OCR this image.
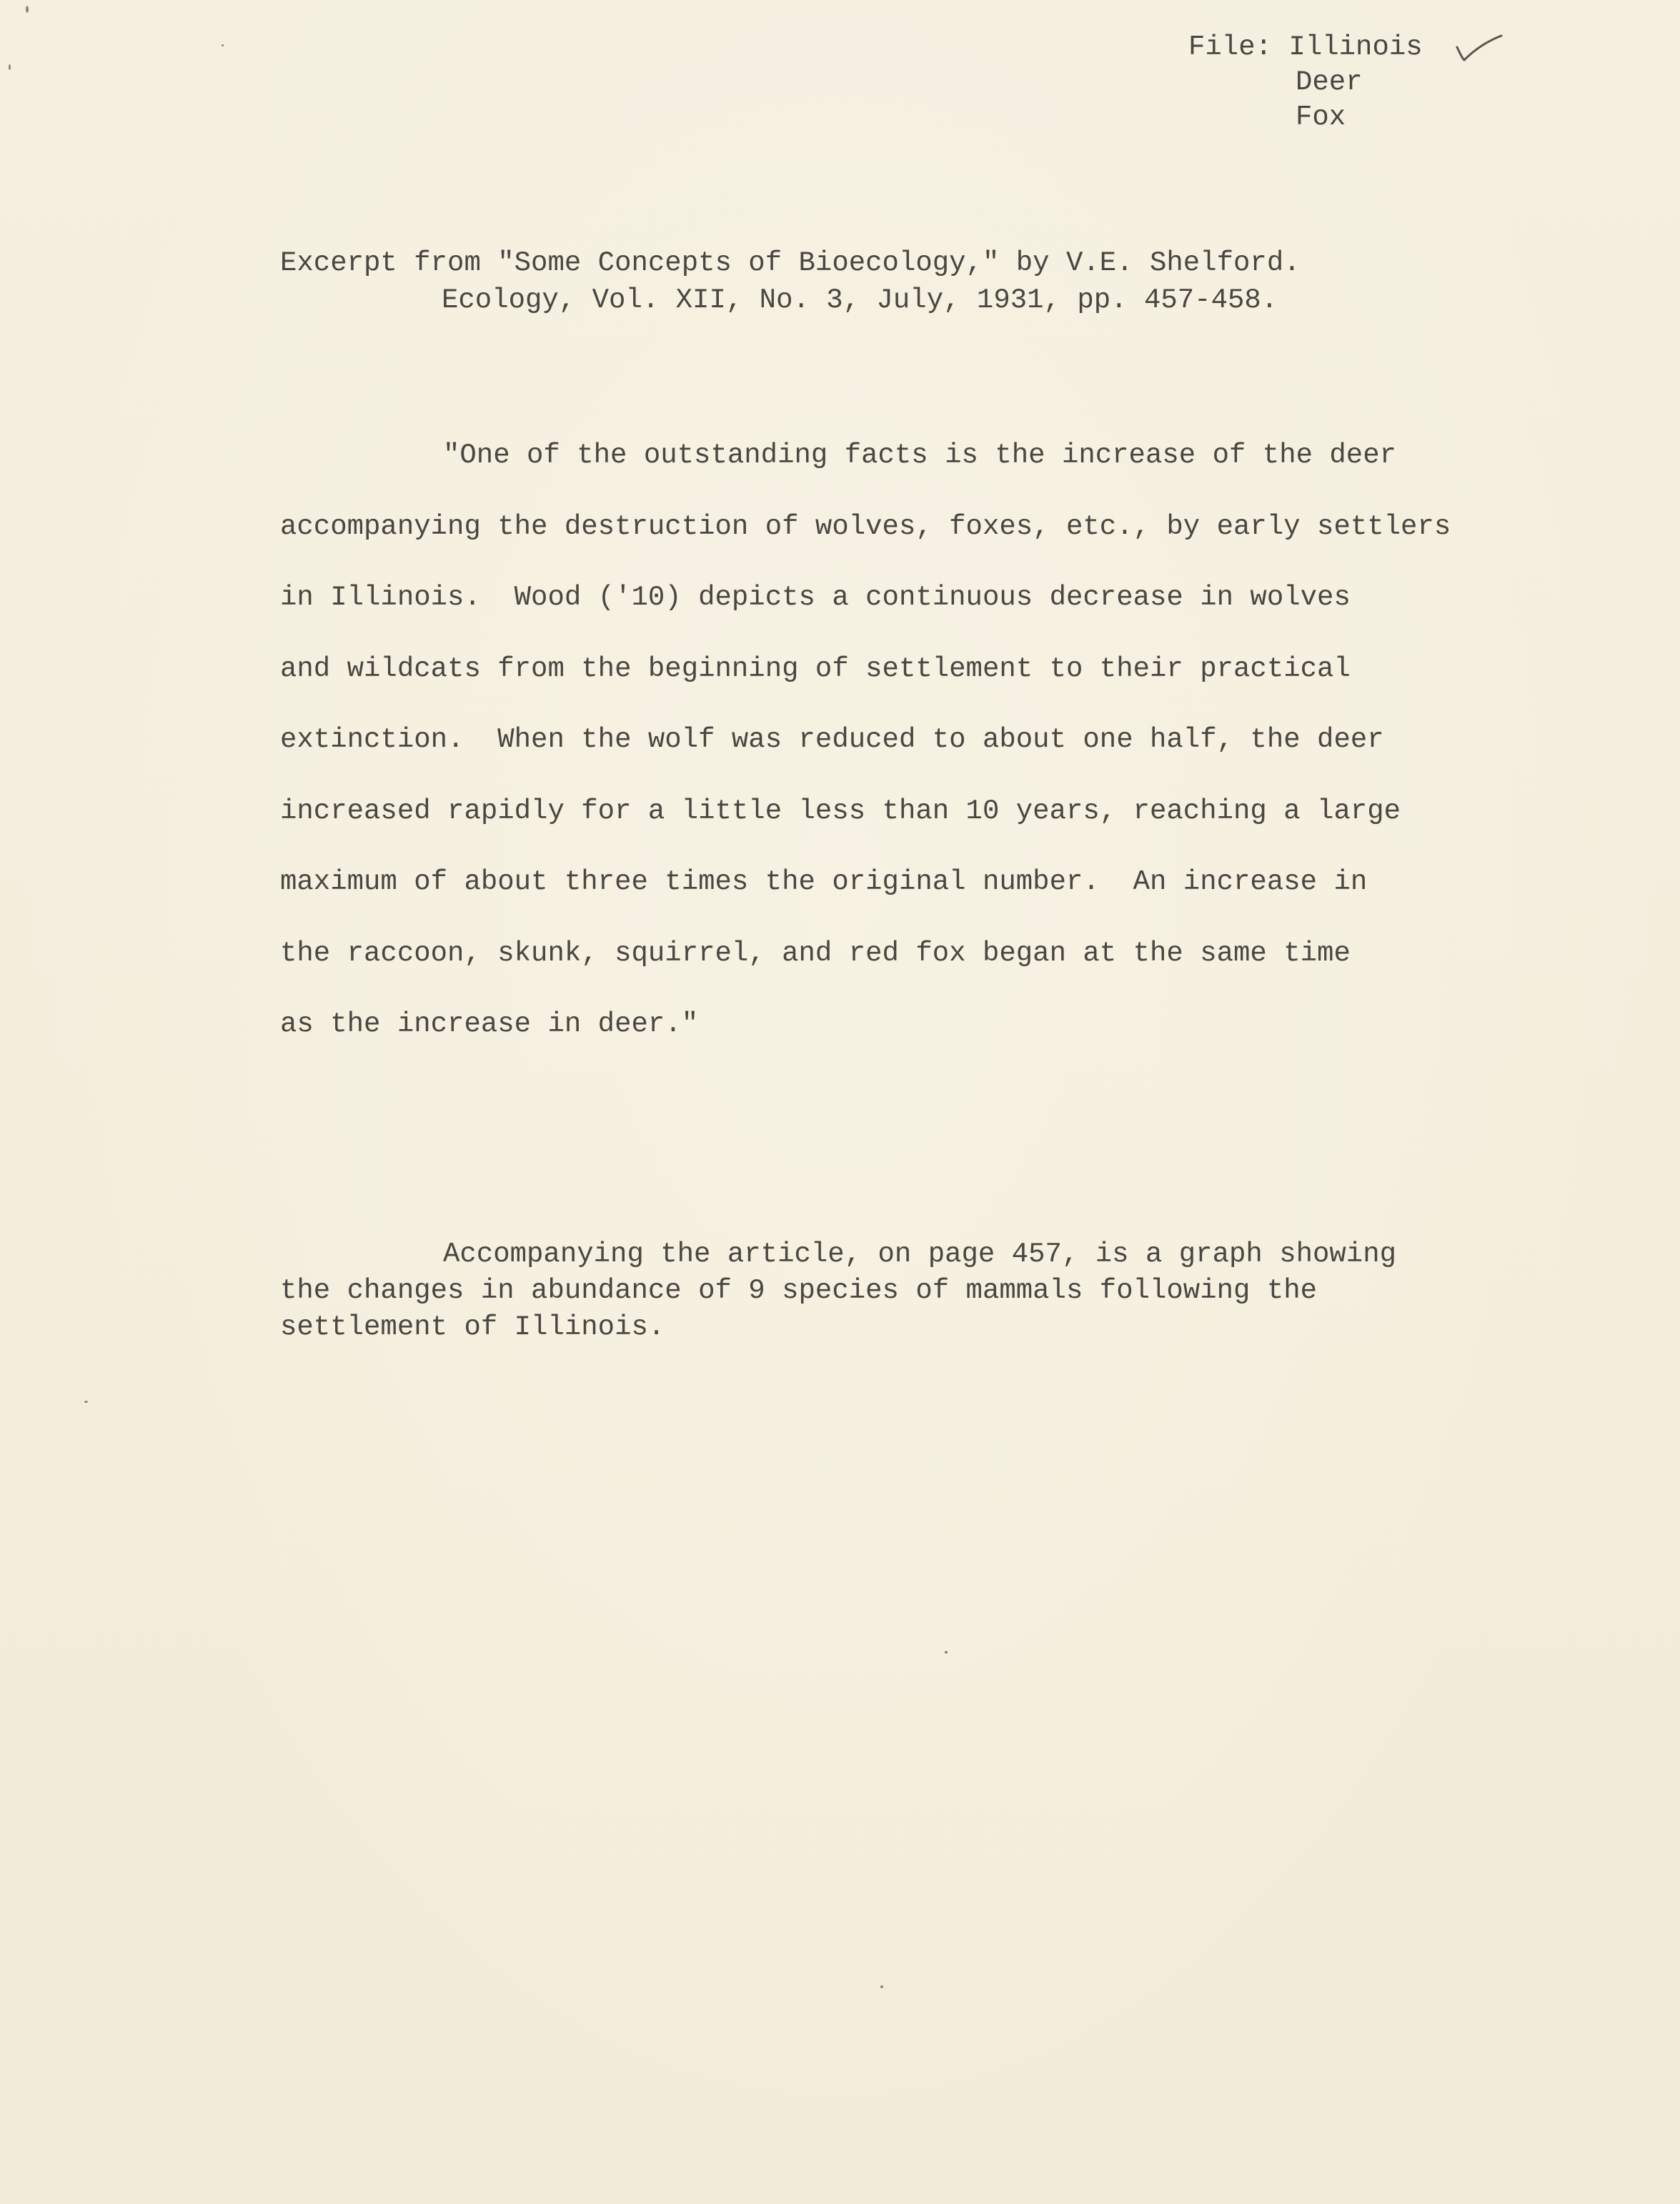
File: Illinois
Deer
Fox
Excerpt from "Some Concepts of Bioecology," by V.E. Shelford.
Ecology, Vol. XII, No. 3, July, 1931, pp. 457-458.
"One of the outstanding facts is the increase of the deer
accompanying the destruction of wolves, foxes, etc., by early settlers
in Illinois.  Wood ('10) depicts a continuous decrease in wolves
and wildcats from the beginning of settlement to their practical
extinction.  When the wolf was reduced to about one half, the deer
increased rapidly for a little less than 10 years, reaching a large
maximum of about three times the original number.  An increase in
the raccoon, skunk, squirrel, and red fox began at the same time
as the increase in deer."
Accompanying the article, on page 457, is a graph showing
the changes in abundance of 9 species of mammals following the
settlement of Illinois.
